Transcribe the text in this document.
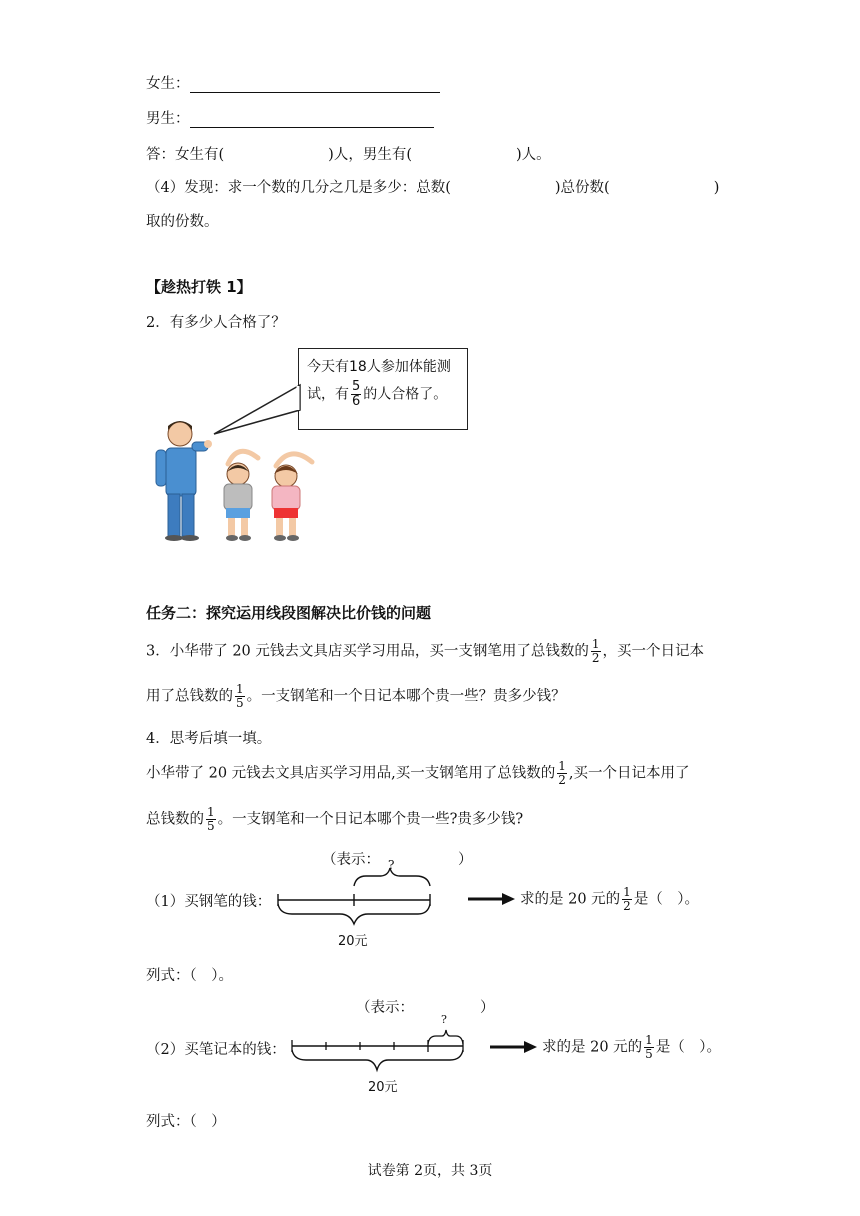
女生：
男生：
答：女生有(	)人，男生有(	)人。
（4）发现：求一个数的几分之几是多少：总数(	)总份数(	)
取的份数。
【趁热打铁 1】
2．有多少人合格了？
今天有18人参加体能测试，有 $\frac{5}{6}$ 的人合格了。
任务二：探究运用线段图解决比价钱的问题
3．小华带了 20 元钱去文具店买学习用品，买一支钢笔用了总钱数的 $\frac{1}{2}$ ，买一个日记本
用了总钱数的 $\frac{1}{5}$ 。一支钢笔和一个日记本哪个贵一些？贵多少钱？
4．思考后填一填。
小华带了 20 元钱去文具店买学习用品,买一支钢笔用了总钱数的 $\frac{1}{2}$ ,买一个日记本用了
总钱数的 $\frac{1}{5}$ 。一支钢笔和一个日记本哪个贵一些?贵多少钱?
（表示：	）
（1）买钢笔的钱：
?
20元
求的是 20 元的 $\frac{1}{2}$ 是（　）。
列式：（　）。
（表示：	）
（2）买笔记本的钱：
?
20元
求的是 20 元的 $\frac{1}{5}$ 是（　）。
列式：（　）
试卷第 2页，共 3页
